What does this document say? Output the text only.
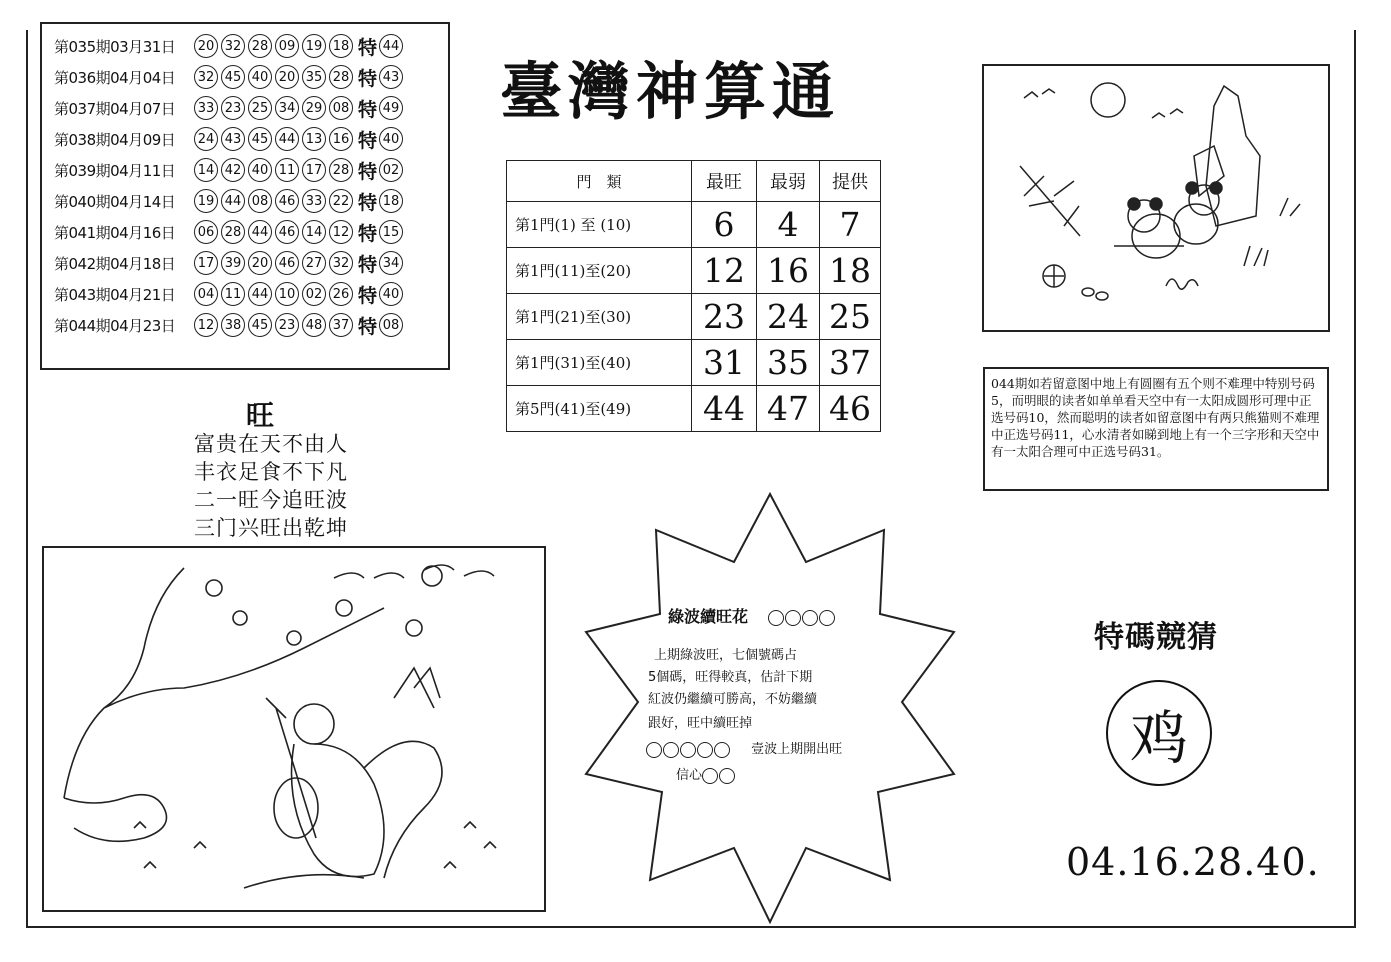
第035期03月31日	20 32 28 09 19 18 特 44
第036期04月04日	32 45 40 20 35 28 特 43
第037期04月07日	33 23 25 34 29 08 特 49
第038期04月09日	24 43 45 44 13 16 特 40
第039期04月11日	14 42 40 11 17 28 特 02
第040期04月14日	19 44 08 46 33 22 特 18
第041期04月16日	06 28 44 46 14 12 特 15
第042期04月18日	17 39 20 46 27 32 特 34
第043期04月21日	04 11 44 10 02 26 特 40
第044期04月23日	12 38 45 23 48 37 特 08
臺灣神算通
門　類	最旺	最弱	提供
第1門(1) 至 (10)	6	4	7
第1門(11)至(20)	12	16	18
第1門(21)至(30)	23	24	25
第1門(31)至(40)	31	35	37
第5門(41)至(49)	44	47	46
旺
富贵在天不由人
丰衣足食不下凡
二一旺今追旺波
三门兴旺出乾坤
044期如若留意图中地上有圆圈有五个则不难理中特别号码5，而明眼的读者如单单看天空中有一太阳成圆形可理中正选号码10，然而聪明的读者如留意图中有两只熊猫则不难理中正选号码11，心水清者如睇到地上有一个三字形和天空中有一太阳合理可中正选号码31。
綠波續旺花
上期綠波旺，七個號碼占
5個碼，旺得較真，估計下期
紅波仍繼續可勝高，不妨繼續
跟好，旺中續旺掉
壹波上期開出旺
信心
特碼競猜
鸡
04.16.28.40.
